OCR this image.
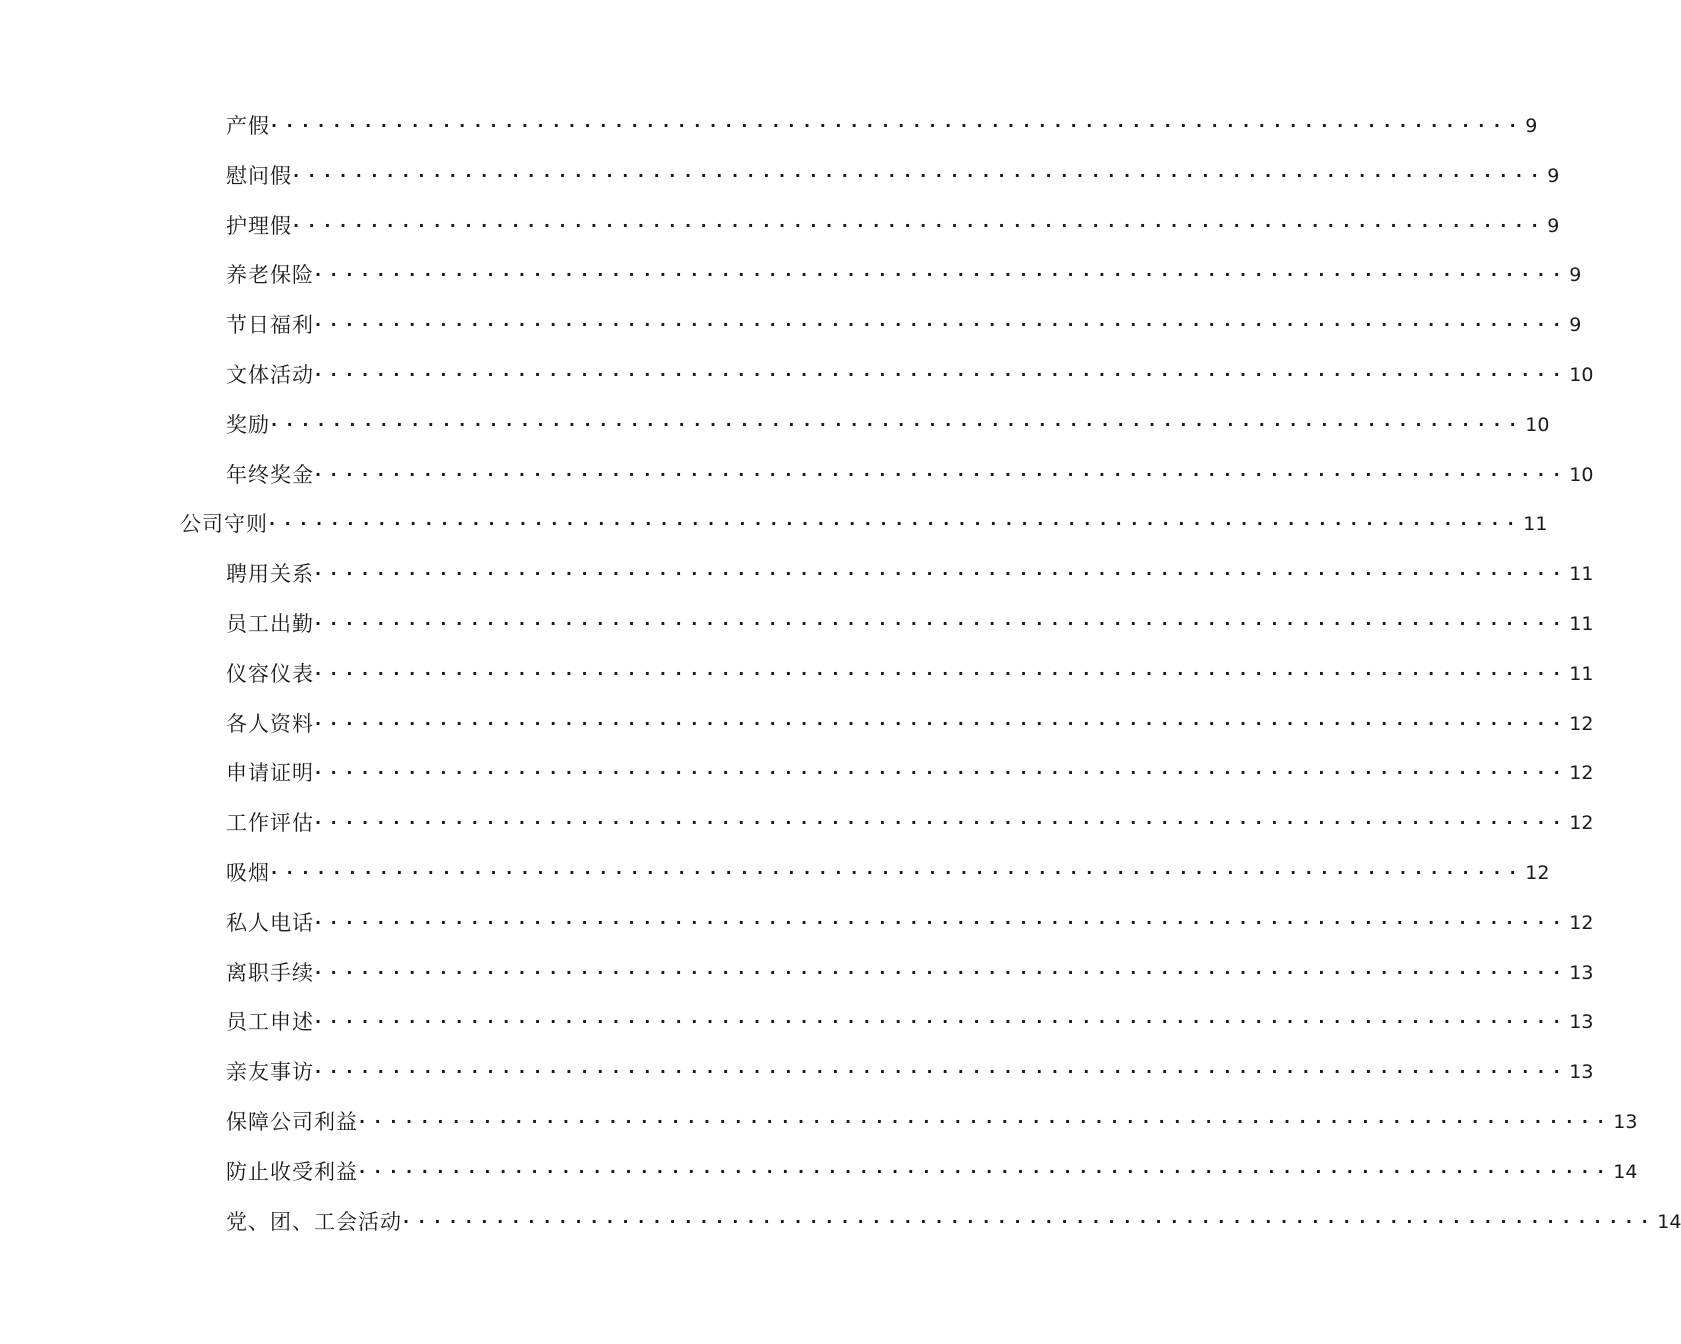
产假 ················································································ 9
慰问假 ················································································ 9
护理假 ················································································ 9
养老保险 ················································································ 9
节日福利 ················································································ 9
文体活动 ················································································ 10
奖励 ················································································ 10
年终奖金 ················································································ 10
公司守则 ················································································ 11
聘用关系 ················································································ 11
员工出勤 ················································································ 11
仪容仪表 ················································································ 11
各人资料 ················································································ 12
申请证明 ················································································ 12
工作评估 ················································································ 12
吸烟 ················································································ 12
私人电话 ················································································ 12
离职手续 ················································································ 13
员工申述 ················································································ 13
亲友事访 ················································································ 13
保障公司利益 ················································································ 13
防止收受利益 ················································································ 14
党、团、工会活动 ················································································ 14
